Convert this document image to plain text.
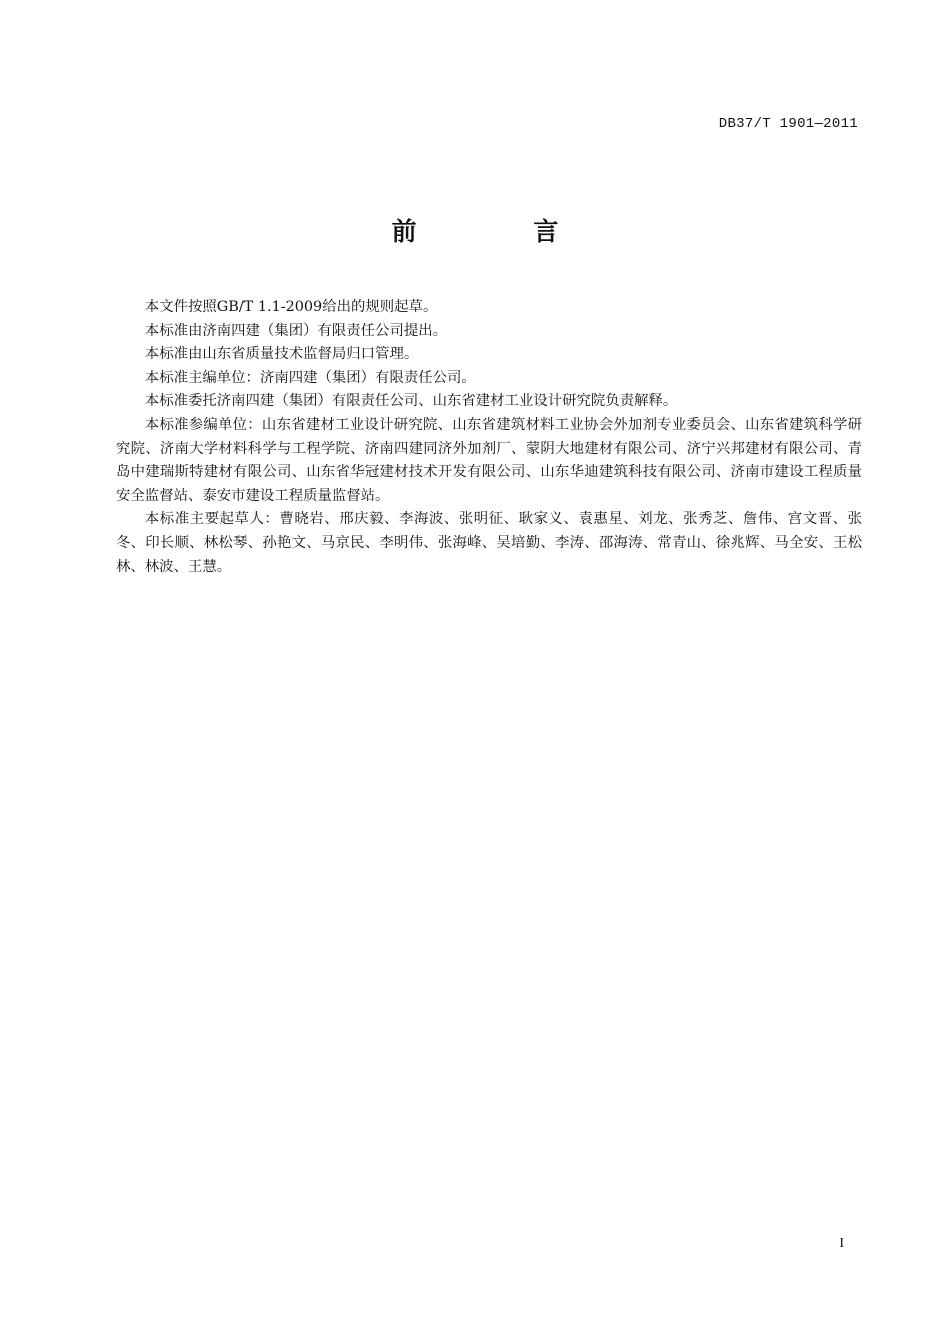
DB37/T 1901—2011
前 言

本文件按照GB/T 1.1-2009给出的规则起草。

本标准由济南四建（集团）有限责任公司提出。

本标准由山东省质量技术监督局归口管理。

本标准主编单位：济南四建（集团）有限责任公司。

本标准委托济南四建（集团）有限责任公司、山东省建材工业设计研究院负责解释。

本标准参编单位：山东省建材工业设计研究院、山东省建筑材料工业协会外加剂专业委员会、山东省建筑科学研究院、济南大学材料科学与工程学院、济南四建同济外加剂厂、蒙阴大地建材有限公司、济宁兴邦建材有限公司、青岛中建瑞斯特建材有限公司、山东省华冠建材技术开发有限公司、山东华迪建筑科技有限公司、济南市建设工程质量安全监督站、泰安市建设工程质量监督站。

本标准主要起草人：曹晓岩、邢庆毅、李海波、张明征、耿家义、袁惠星、刘龙、张秀芝、詹伟、宫文晋、张冬、印长顺、林松琴、孙艳文、马京民、李明伟、张海峰、吴培勤、李涛、邵海涛、常青山、徐兆辉、马全安、王松林、林波、王慧。

I
